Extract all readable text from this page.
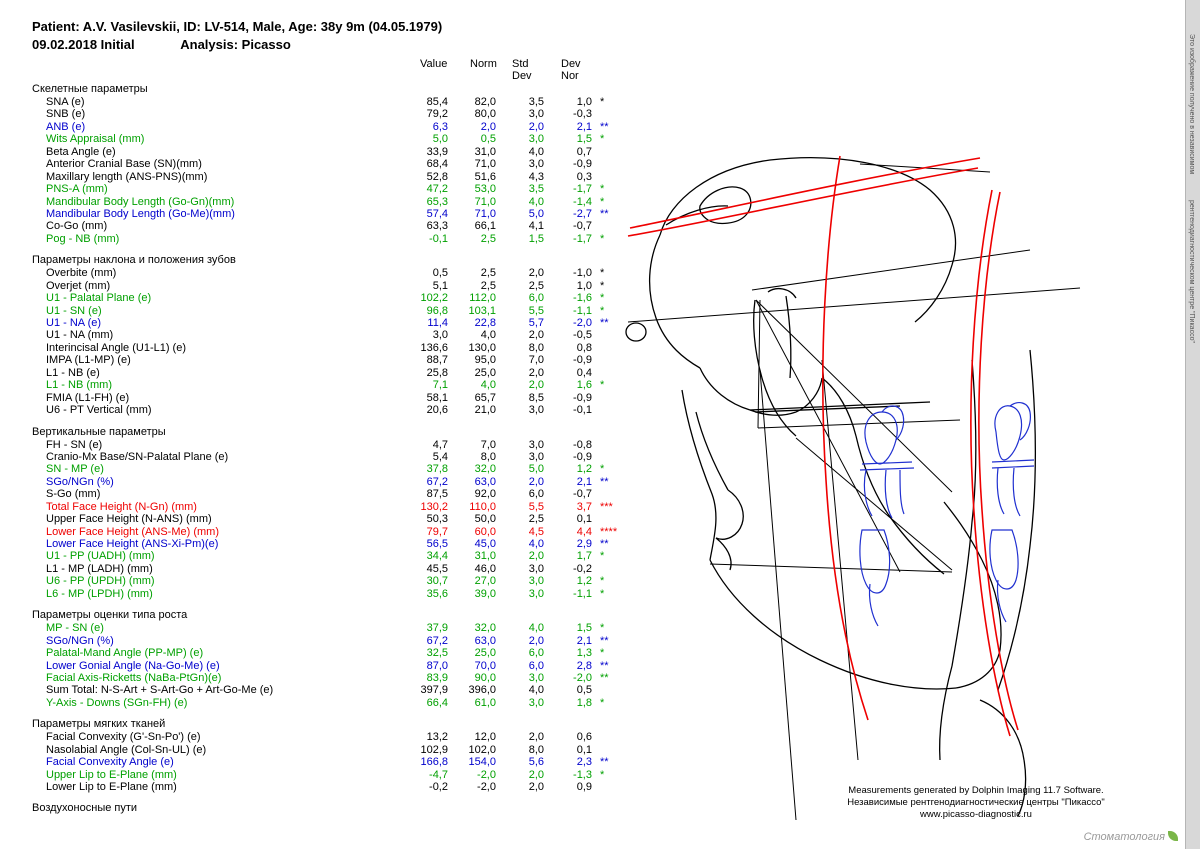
Patient: A.V. Vasilevskii, ID: LV-514, Male, Age: 38y 9m (04.05.1979)
09.02.2018 Initial	Analysis: Picasso
Value Norm Std Dev
Dev Nor
Скелетные параметры
SNA (е)	85,4	82,0	3,5	1,0 *
SNB (е)	79,2	80,0	3,0	-0,3
ANB (е)	6,3	2,0	2,0	2,1 **
Wits Appraisal (mm)	5,0	0,5	3,0	1,5 *
Beta Angle (е)	33,9	31,0	4,0	0,7
Anterior Cranial Base (SN)(mm)	68,4	71,0	3,0	-0,9
Maxillary length (ANS-PNS)(mm)	52,8	51,6	4,3	0,3
PNS-A (mm)	47,2	53,0	3,5	-1,7 *
Mandibular Body Length (Go-Gn)(mm)	65,3	71,0	4,0	-1,4 *
Mandibular Body Length (Go-Me)(mm)	57,4	71,0	5,0	-2,7 **
Co-Go (mm)	63,3	66,1	4,1	-0,7
Pog - NB (mm)	-0,1	2,5	1,5	-1,7 *
Параметры наклона и положения зубов
Overbite (mm)	0,5	2,5	2,0	-1,0 *
Overjet (mm)	5,1	2,5	2,5	1,0 *
U1 - Palatal Plane (е)	102,2	112,0	6,0	-1,6 *
U1 - SN (е)	96,8	103,1	5,5	-1,1 *
U1 - NA (е)	11,4	22,8	5,7	-2,0 **
U1 - NA (mm)	3,0	4,0	2,0	-0,5
Interincisal Angle (U1-L1) (е)	136,6	130,0	8,0	0,8
IMPA (L1-MP) (е)	88,7	95,0	7,0	-0,9
L1 - NB (е)	25,8	25,0	2,0	0,4
L1 - NB (mm)	7,1	4,0	2,0	1,6 *
FMIA (L1-FH) (е)	58,1	65,7	8,5	-0,9
U6 - PT Vertical (mm)	20,6	21,0	3,0	-0,1
Вертикальные параметры
FH - SN (е)	4,7	7,0	3,0	-0,8
Cranio-Mx Base/SN-Palatal Plane (е)	5,4	8,0	3,0	-0,9
SN - MP (е)	37,8	32,0	5,0	1,2 *
SGo/NGn (%)	67,2	63,0	2,0	2,1 **
S-Go (mm)	87,5	92,0	6,0	-0,7
Total Face Height (N-Gn) (mm)	130,2	110,0	5,5	3,7 ***
Upper Face Height (N-ANS) (mm)	50,3	50,0	2,5	0,1
Lower Face Height (ANS-Me) (mm)	79,7	60,0	4,5	4,4 ****
Lower Face Height (ANS-Xi-Pm)(е)	56,5	45,0	4,0	2,9 **
U1 - PP (UADH) (mm)	34,4	31,0	2,0	1,7 *
L1 - MP (LADH) (mm)	45,5	46,0	3,0	-0,2
U6 - PP (UPDH) (mm)	30,7	27,0	3,0	1,2 *
L6 - MP (LPDH) (mm)	35,6	39,0	3,0	-1,1 *
Параметры оценки типа роста
MP - SN (е)	37,9	32,0	4,0	1,5 *
SGo/NGn (%)	67,2	63,0	2,0	2,1 **
Palatal-Mand Angle (PP-MP) (е)	32,5	25,0	6,0	1,3 *
Lower Gonial Angle (Na-Go-Me) (е)	87,0	70,0	6,0	2,8 **
Facial Axis-Ricketts (NaBa-PtGn)(е)	83,9	90,0	3,0	-2,0 **
Sum Total: N-S-Art + S-Art-Go + Art-Go-Me (е)	397,9	396,0	4,0	0,5
Y-Axis - Downs (SGn-FH) (е)	66,4	61,0	3,0	1,8 *
Параметры мягких тканей
Facial Convexity (G'-Sn-Po') (е)	13,2	12,0	2,0	0,6
Nasolabial Angle (Col-Sn-UL) (е)	102,9	102,0	8,0	0,1
Facial Convexity Angle (е)	166,8	154,0	5,6	2,3 **
Upper Lip to E-Plane (mm)	-4,7	-2,0	2,0	-1,3 *
Lower Lip to E-Plane (mm)	-0,2	-2,0	2,0	0,9
Воздухоносные пути
Measurements generated by Dolphin Imaging 11.7 Software.
Независимые рентгенодиагностические центры "Пикассо"
www.picasso-diagnostic.ru
Это изображение получено в независимом
рентгенодиагностическом центре "Пикассо"
Стоматология
